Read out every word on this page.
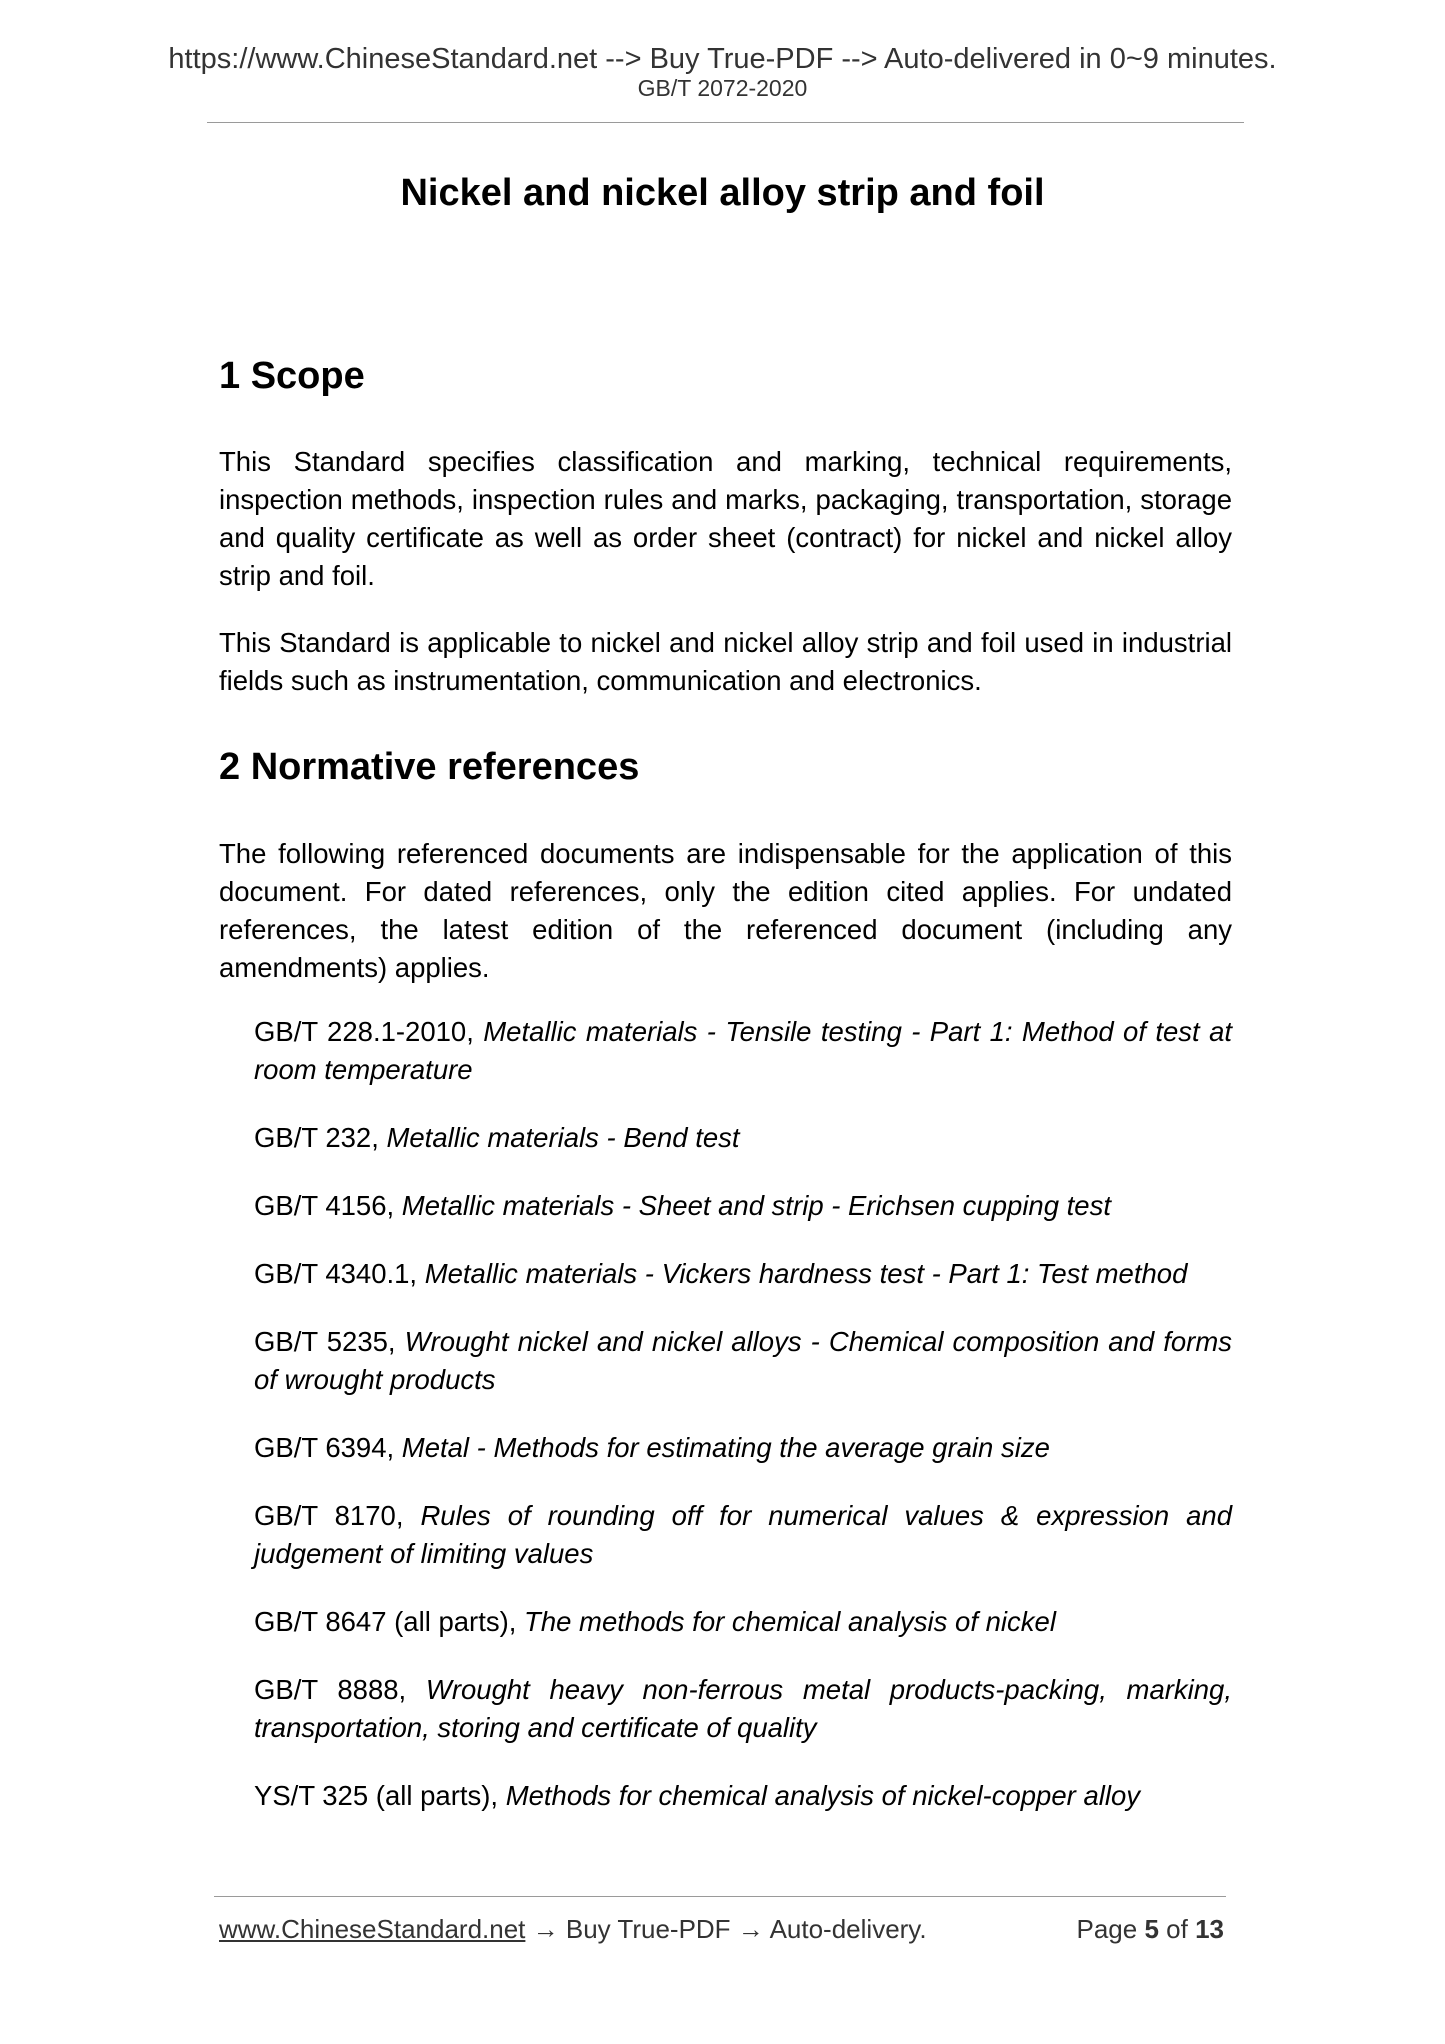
https://www.ChineseStandard.net --> Buy True-PDF --> Auto-delivered in 0~9 minutes.
GB/T 2072-2020
Nickel and nickel alloy strip and foil
1 Scope

This Standard specifies classification and marking, technical requirements, inspection methods, inspection rules and marks, packaging, transportation, storage and quality certificate as well as order sheet (contract) for nickel and nickel alloy strip and foil.

This Standard is applicable to nickel and nickel alloy strip and foil used in industrial fields such as instrumentation, communication and electronics.

2 Normative references

The following referenced documents are indispensable for the application of this document. For dated references, only the edition cited applies. For undated references, the latest edition of the referenced document (including any amendments) applies.

GB/T 228.1-2010, Metallic materials - Tensile testing - Part 1: Method of test at room temperature
GB/T 232, Metallic materials - Bend test
GB/T 4156, Metallic materials - Sheet and strip - Erichsen cupping test
GB/T 4340.1, Metallic materials - Vickers hardness test - Part 1: Test method
GB/T 5235, Wrought nickel and nickel alloys - Chemical composition and forms of wrought products
GB/T 6394, Metal - Methods for estimating the average grain size
GB/T 8170, Rules of rounding off for numerical values & expression and judgement of limiting values
GB/T 8647 (all parts), The methods for chemical analysis of nickel
GB/T 8888, Wrought heavy non-ferrous metal products-packing, marking, transportation, storing and certificate of quality
YS/T 325 (all parts), Methods for chemical analysis of nickel-copper alloy
www.ChineseStandard.net → Buy True-PDF → Auto-delivery.	Page 5 of 13
